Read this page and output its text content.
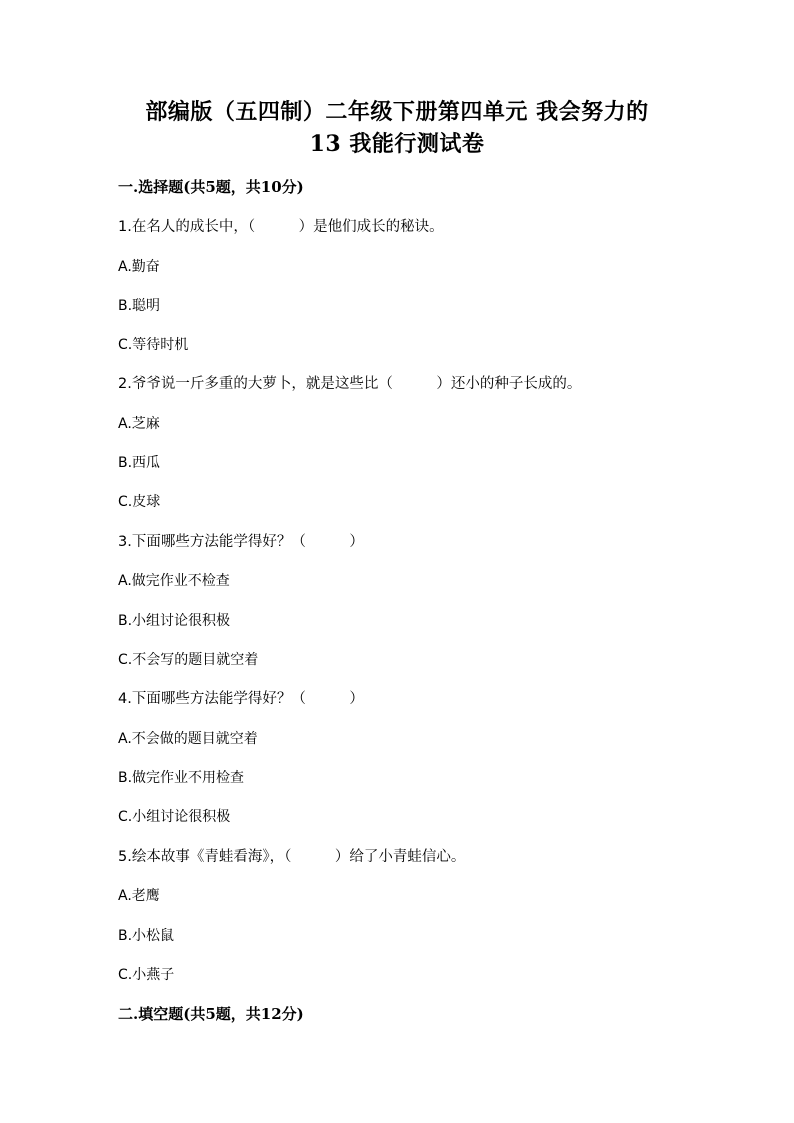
部编版（五四制）二年级下册第四单元 我会努力的
13 我能行测试卷
一.选择题(共5题，共10分)
1.在名人的成长中，（　　　）是他们成长的秘诀。
A.勤奋
B.聪明
C.等待时机
2.爷爷说一斤多重的大萝卜，就是这些比（　　　）还小的种子长成的。
A.芝麻
B.西瓜
C.皮球
3.下面哪些方法能学得好？（　　　）
A.做完作业不检查
B.小组讨论很积极
C.不会写的题目就空着
4.下面哪些方法能学得好？（　　　）
A.不会做的题目就空着
B.做完作业不用检查
C.小组讨论很积极
5.绘本故事《青蛙看海》，（　　　）给了小青蛙信心。
A.老鹰
B.小松鼠
C.小燕子
二.填空题(共5题，共12分)
